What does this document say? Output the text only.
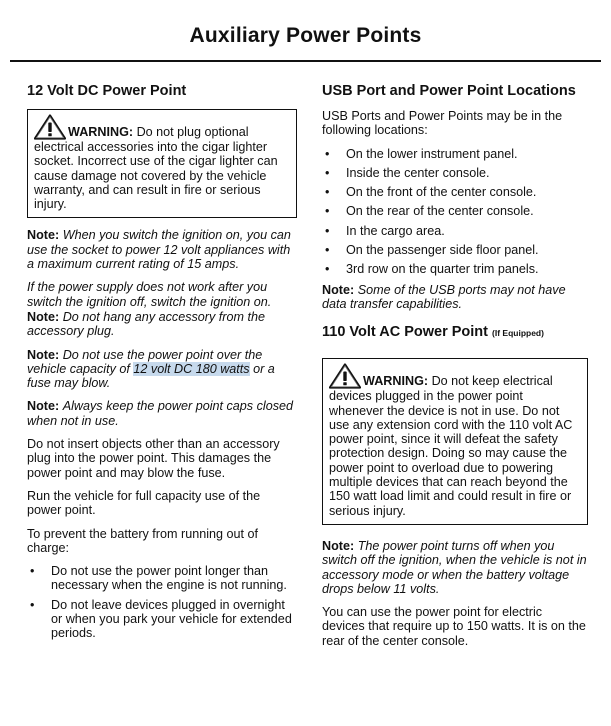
Auxiliary Power Points
12 Volt DC Power Point
WARNING: Do not plug optional electrical accessories into the cigar lighter socket. Incorrect use of the cigar lighter can cause damage not covered by the vehicle warranty, and can result in fire or serious injury.

Note: When you switch the ignition on, you can use the socket to power 12 volt appliances with a maximum current rating of 15 amps.

If the power supply does not work after you switch the ignition off, switch the ignition on.

Note: Do not hang any accessory from the accessory plug.

Note: Do not use the power point over the vehicle capacity of 12 volt DC 180 watts or a fuse may blow.

Note: Always keep the power point caps closed when not in use.

Do not insert objects other than an accessory plug into the power point. This damages the power point and may blow the fuse.

Run the vehicle for full capacity use of the power point.

To prevent the battery from running out of charge:

• Do not use the power point longer than necessary when the engine is not running.
• Do not leave devices plugged in overnight or when you park your vehicle for extended periods.
USB Port and Power Point Locations

USB Ports and Power Points may be in the following locations:

• On the lower instrument panel.
• Inside the center console.
• On the front of the center console.
• On the rear of the center console.
• In the cargo area.
• On the passenger side floor panel.
• 3rd row on the quarter trim panels.

Note: Some of the USB ports may not have data transfer capabilities.

110 Volt AC Power Point (If Equipped)
WARNING: Do not keep electrical devices plugged in the power point whenever the device is not in use. Do not use any extension cord with the 110 volt AC power point, since it will defeat the safety protection design. Doing so may cause the power point to overload due to powering multiple devices that can reach beyond the 150 watt load limit and could result in fire or serious injury.

Note: The power point turns off when you switch off the ignition, when the vehicle is not in accessory mode or when the battery voltage drops below 11 volts.

You can use the power point for electric devices that require up to 150 watts. It is on the rear of the center console.
